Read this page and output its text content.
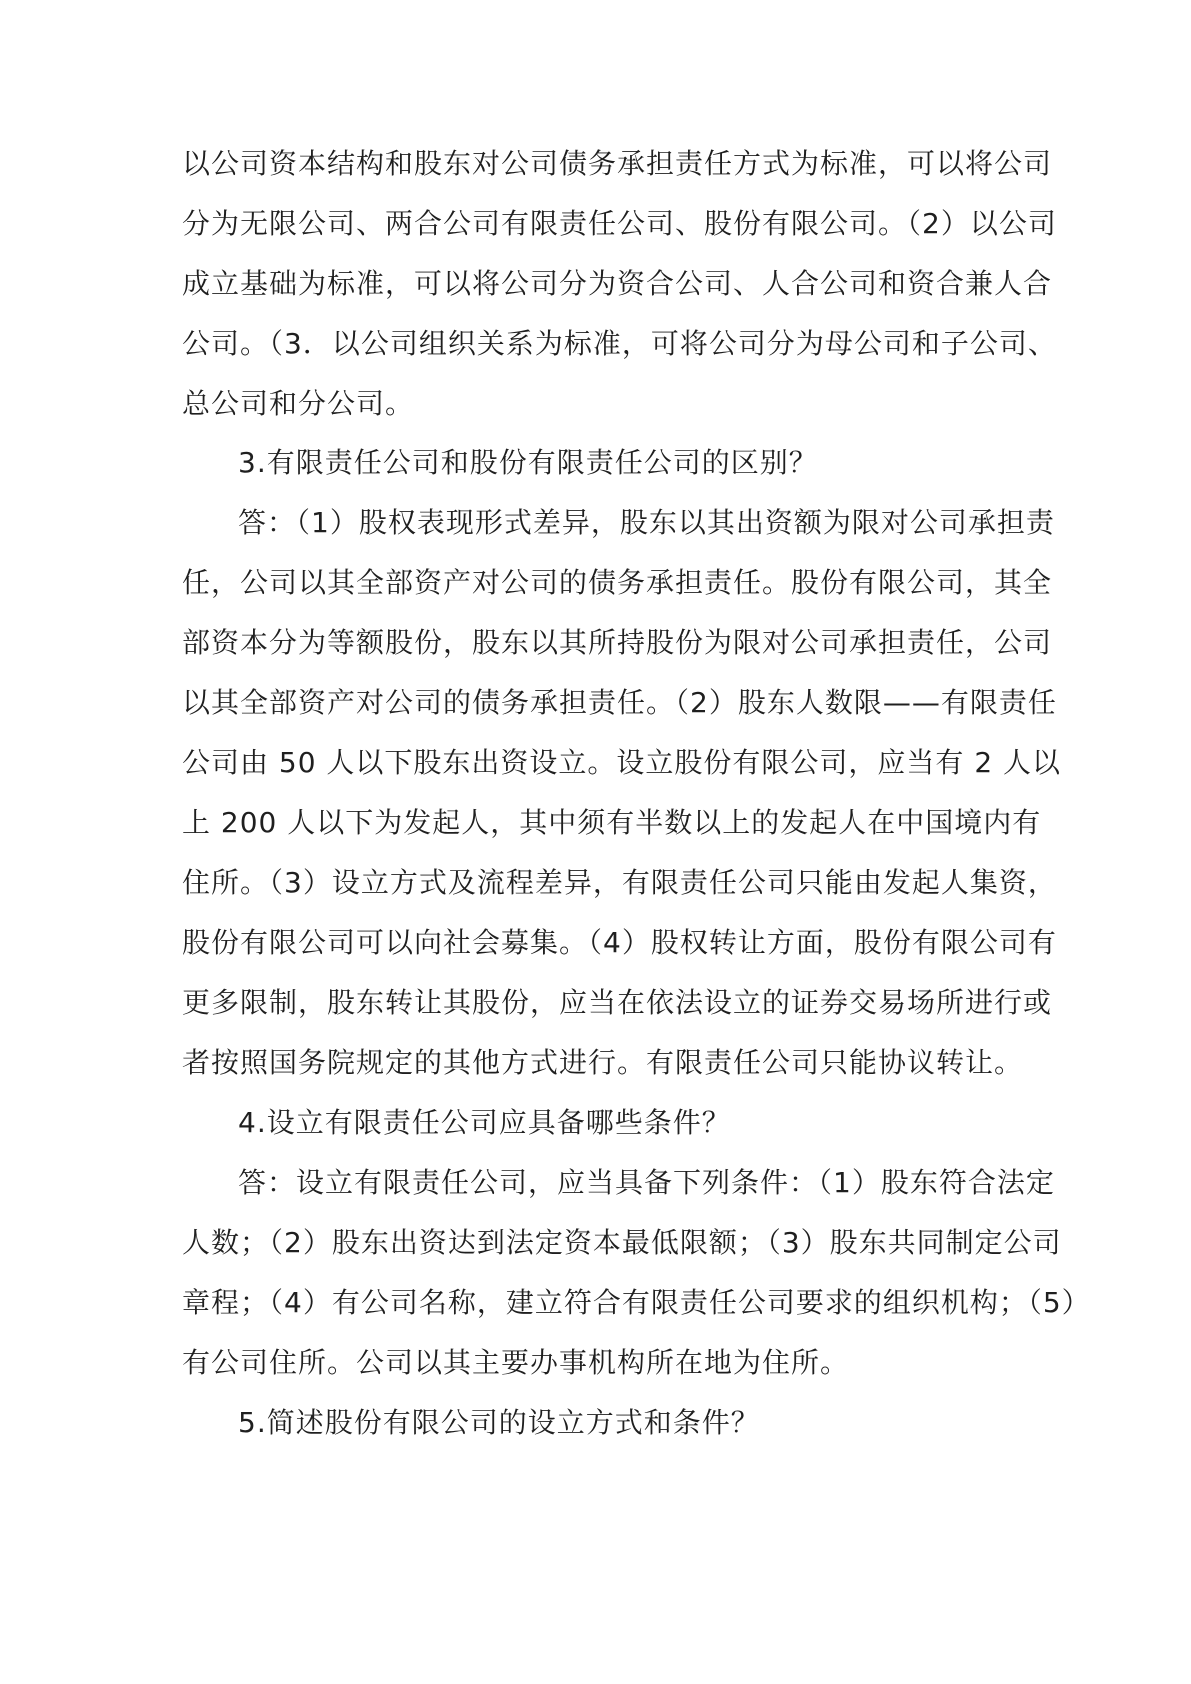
以公司资本结构和股东对公司债务承担责任方式为标准，可以将公司
分为无限公司、两合公司有限责任公司、股份有限公司。（2）以公司
成立基础为标准，可以将公司分为资合公司、人合公司和资合兼人合
公司。（3．以公司组织关系为标准，可将公司分为母公司和子公司、
总公司和分公司。
3.有限责任公司和股份有限责任公司的区别？
答：（1）股权表现形式差异，股东以其出资额为限对公司承担责
任，公司以其全部资产对公司的债务承担责任。股份有限公司，其全
部资本分为等额股份，股东以其所持股份为限对公司承担责任，公司
以其全部资产对公司的债务承担责任。（2）股东人数限——有限责任
公司由 50 人以下股东出资设立。设立股份有限公司，应当有 2 人以
上 200 人以下为发起人，其中须有半数以上的发起人在中国境内有
住所。（3）设立方式及流程差异，有限责任公司只能由发起人集资，
股份有限公司可以向社会募集。（4）股权转让方面，股份有限公司有
更多限制，股东转让其股份，应当在依法设立的证券交易场所进行或
者按照国务院规定的其他方式进行。有限责任公司只能协议转让。
4.设立有限责任公司应具备哪些条件？
答：设立有限责任公司，应当具备下列条件：（1）股东符合法定
人数；（2）股东出资达到法定资本最低限额；（3）股东共同制定公司
章程；（4）有公司名称，建立符合有限责任公司要求的组织机构；（5）
有公司住所。公司以其主要办事机构所在地为住所。
5.简述股份有限公司的设立方式和条件？
